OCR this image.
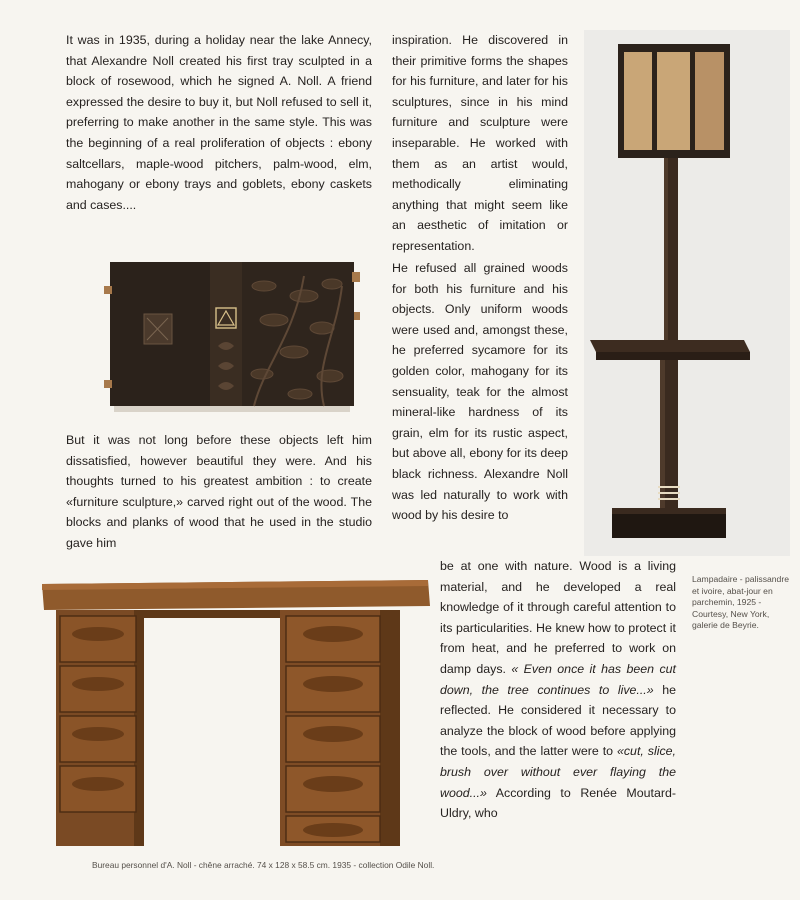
It was in 1935, during a holiday near the lake Annecy, that Alexandre Noll created his first tray sculpted in a block of rosewood, which he signed A. Noll. A friend expressed the desire to buy it, but Noll refused to sell it, preferring to make another in the same style. This was the beginning of a real proliferation of objects : ebony saltcellars, maple-wood pitchers, palm-wood, elm, mahogany or ebony trays and goblets, ebony caskets and cases....

But it was not long before these objects left him dissatisfied, however beautiful they were. And his thoughts turned to his greatest ambition : to create «furniture sculpture,» carved right out of the wood. The blocks and planks of wood that he used in the studio gave him

inspiration. He discovered in their primitive forms the shapes for his furniture, and later for his sculptures, since in his mind furniture and sculpture were inseparable. He worked with them as an artist would, methodically eliminating anything that might seem like an aesthetic of imitation or representation.

He refused all grained woods for both his furniture and his objects. Only uniform woods were used and, amongst these, he preferred sycamore for its golden color, mahogany for its sensuality, teak for the almost mineral-like hardness of its grain, elm for its rustic aspect, but above all, ebony for its deep black richness. Alexandre Noll was led naturally to work with wood by his desire to

Lampadaire - palissandre et ivoire, abat-jour en parchemin, 1925 - Courtesy, New York, galerie de Beyrie.

be at one with nature. Wood is a living material, and he developed a real knowledge of it through careful attention to its particularities. He knew how to protect it from heat, and he preferred to work on damp days. « Even once it has been cut down, the tree continues to live...» he reflected. He considered it necessary to analyze the block of wood before applying the tools, and the latter were to «cut, slice, brush over without ever flaying the wood...» According to Renée Moutard-Uldry, who

Bureau personnel d'A. Noll - chêne arraché. 74 x 128 x 58.5 cm. 1935 - collection Odile Noll.
